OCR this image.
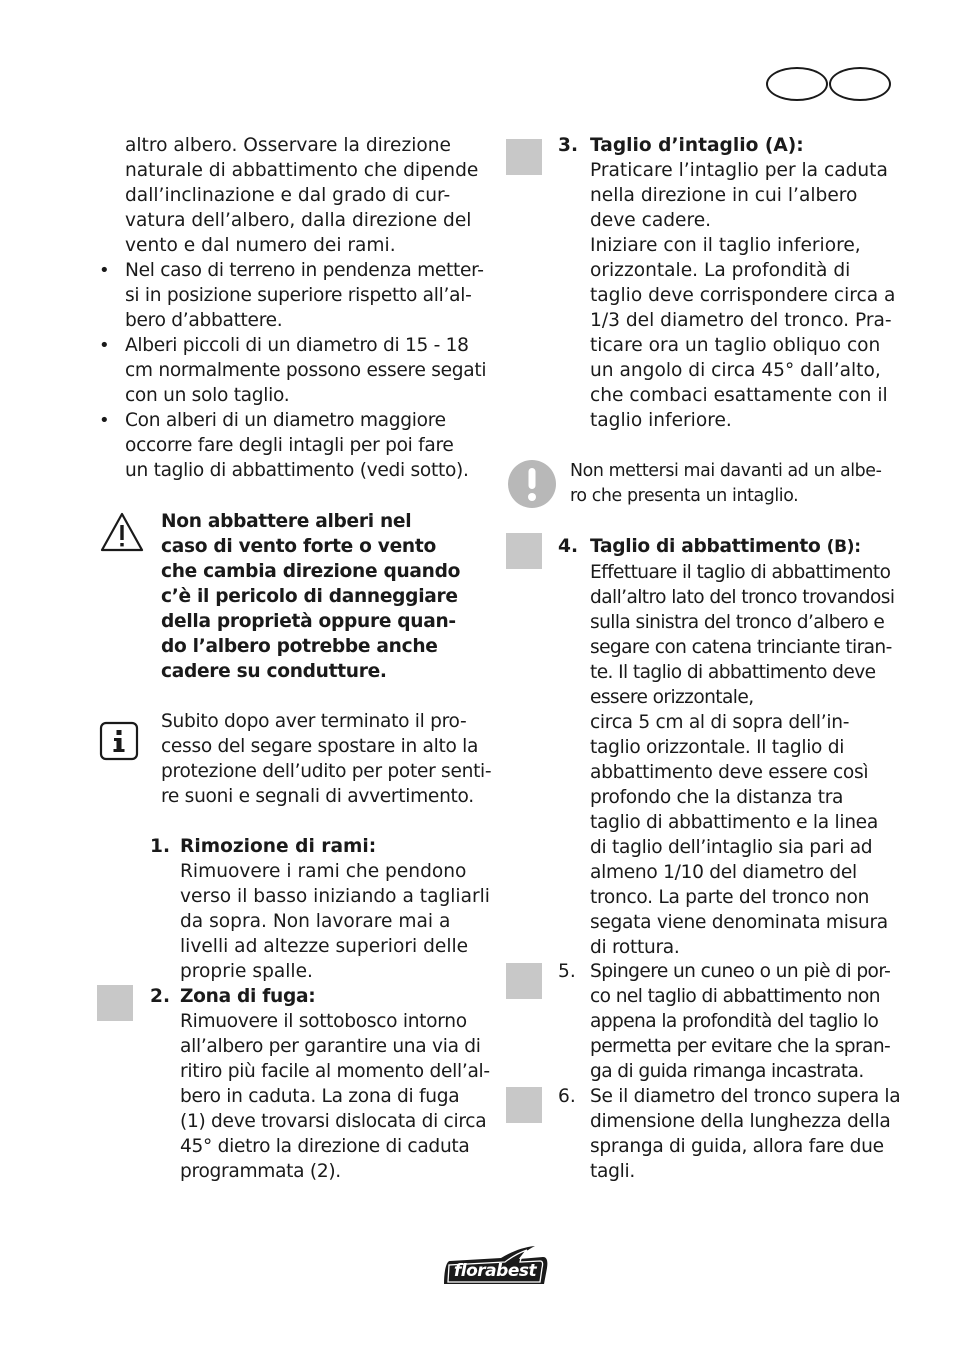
altro albero. Osservare la direzione
naturale di abbattimento che dipende
dall’inclinazione e dal grado di cur-
vatura dell’albero, dalla direzione del
vento e dal numero dei rami.
• Nel caso di terreno in pendenza metter-
si in posizione superiore rispetto all’al-
bero d’abbattere.
• Alberi piccoli di un diametro di 15 - 18
cm normalmente possono essere segati
con un solo taglio.
• Con alberi di un diametro maggiore
occorre fare degli intagli per poi fare
un taglio di abbattimento (vedi sotto).
Non abbattere alberi nel
caso di vento forte o vento
che cambia direzione quando
c’è il pericolo di danneggiare
della proprietà oppure quan-
do l’albero potrebbe anche
cadere su condutture.
Subito dopo aver terminato il pro-
cesso del segare spostare in alto la
protezione dell’udito per poter senti-
re suoni e segnali di avvertimento.
1. Rimozione di rami:
Rimuovere i rami che pendono
verso il basso iniziando a tagliarli
da sopra. Non lavorare mai a
livelli ad altezze superiori delle
proprie spalle.
2. Zona di fuga:
Rimuovere il sottobosco intorno
all’albero per garantire una via di
ritiro più facile al momento dell’al-
bero in caduta. La zona di fuga
(1) deve trovarsi dislocata di circa
45° dietro la direzione di caduta
programmata (2).
3. Taglio d’intaglio (A):
Praticare l’intaglio per la caduta
nella direzione in cui l’albero
deve cadere.
Iniziare con il taglio inferiore,
orizzontale. La profondità di
taglio deve corrispondere circa a
1/3 del diametro del tronco. Pra-
ticare ora un taglio obliquo con
un angolo di circa 45° dall’alto,
che combaci esattamente con il
taglio inferiore.
Non mettersi mai davanti ad un albe-
ro che presenta un intaglio.
4. Taglio di abbattimento (B):
Effettuare il taglio di abbattimento
dall’altro lato del tronco trovandosi
sulla sinistra del tronco d’albero e
segare con catena trinciante tiran-
te. Il taglio di abbattimento deve
essere orizzontale,
circa 5 cm al di sopra dell’in-
taglio orizzontale. Il taglio di
abbattimento deve essere così
profondo che la distanza tra
taglio di abbattimento e la linea
di taglio dell’intaglio sia pari ad
almeno 1/10 del diametro del
tronco. La parte del tronco non
segata viene denominata misura
di rottura.
5. Spingere un cuneo o un piè di por-
co nel taglio di abbattimento non
appena la profondità del taglio lo
permetta per evitare che la spran-
ga di guida rimanga incastrata.
6. Se il diametro del tronco supera la
dimensione della lunghezza della
spranga di guida, allora fare due
tagli.
florabest
